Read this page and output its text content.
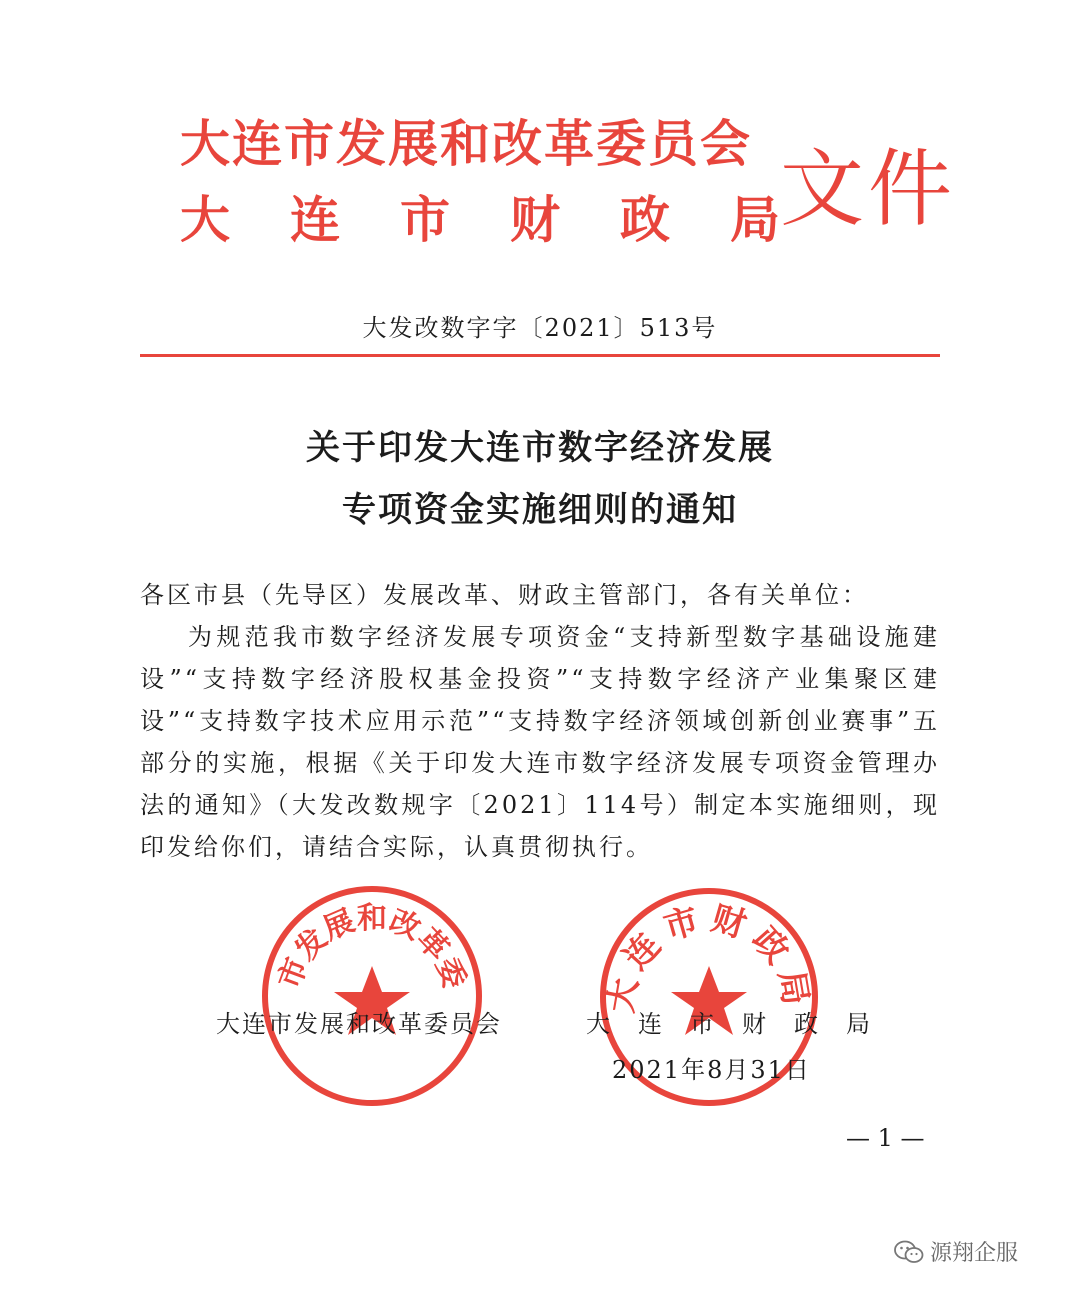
大连市发展和改革委员会
大 连 市 财 政 局 文件
大发改数字字〔2021〕513号
关于印发大连市数字经济发展
专项资金实施细则的通知

各区市县（先导区）发展改革、财政主管部门，各有关单位：

为规范我市数字经济发展专项资金“支持新型数字基础设施建设”“支持数字经济股权基金投资”“支持数字经济产业集聚区建设”“支持数字技术应用示范”“支持数字经济领域创新创业赛事”五部分的实施，根据《关于印发大连市数字经济发展专项资金管理办法的通知》（大发改数规字〔2021〕114号）制定本实施细则，现印发给你们，请结合实际，认真贯彻执行。

市发展和改革委	连市财政
大连市发展和改革委员会	大 连 市 财 政 局
2021年8月31日
— 1 —
源翔企服
